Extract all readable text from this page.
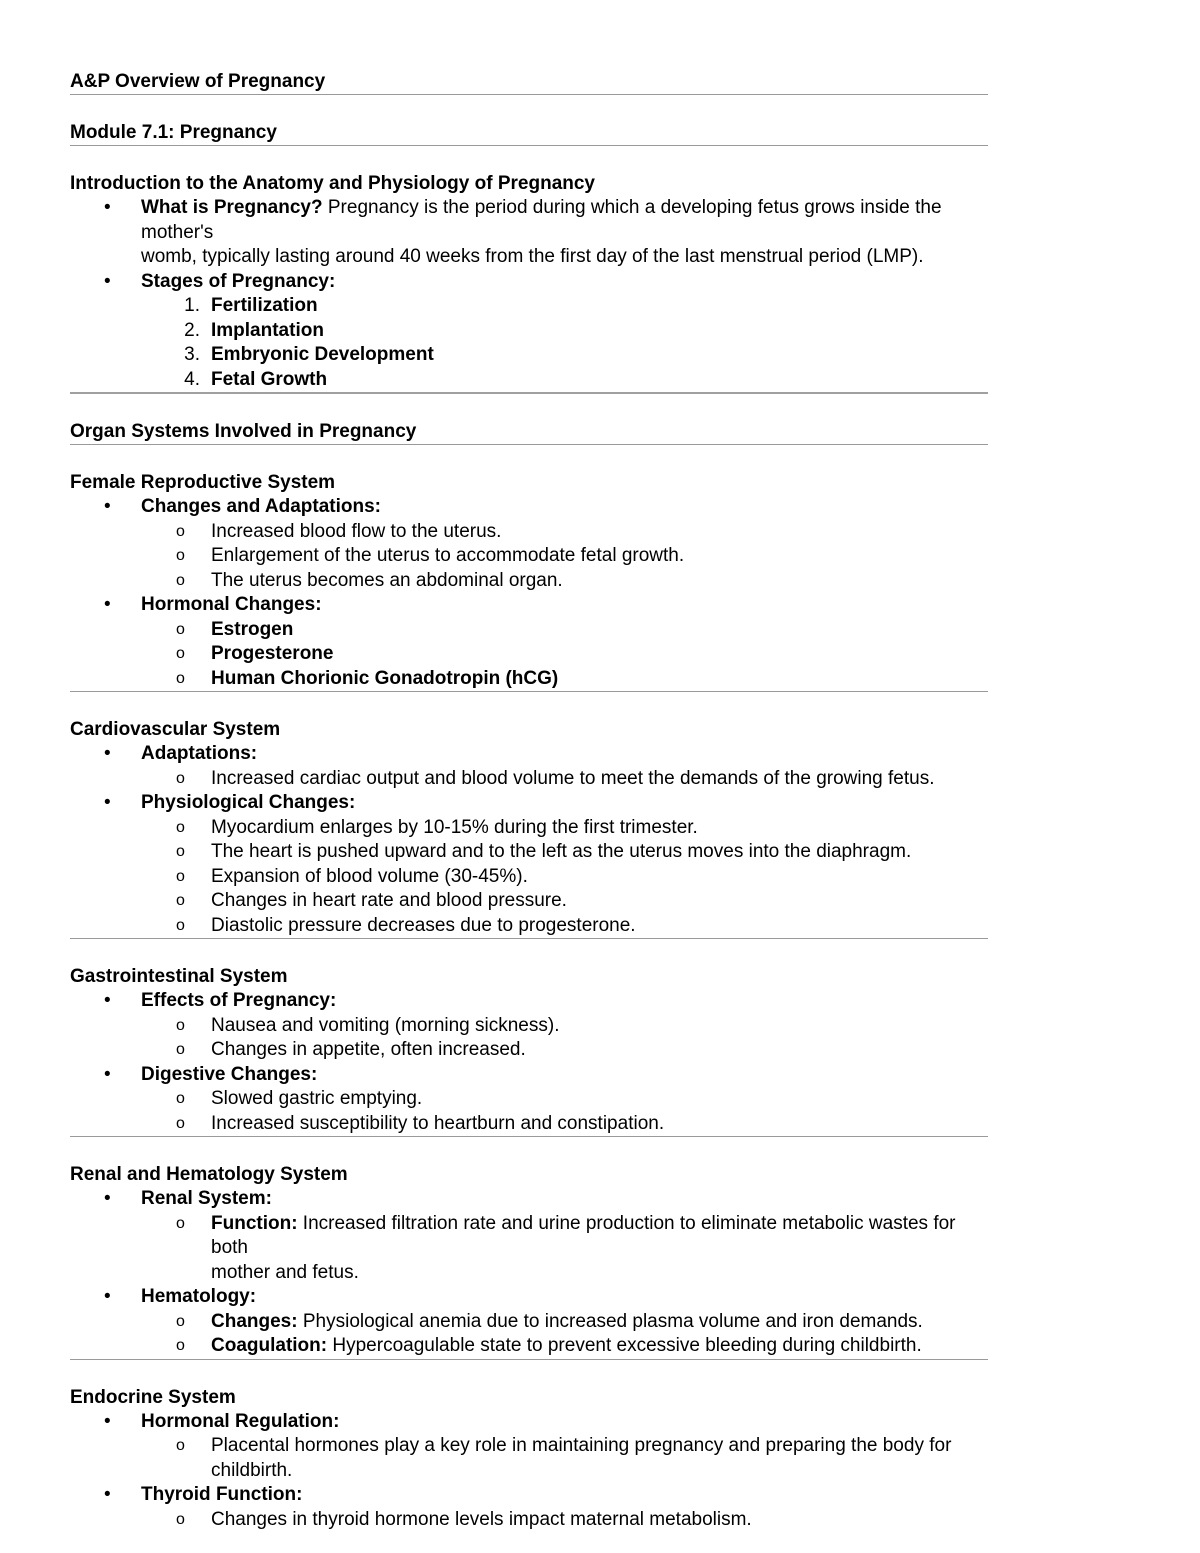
A&P Overview of Pregnancy
Module 7.1: Pregnancy
Introduction to the Anatomy and Physiology of Pregnancy
• What is Pregnancy? Pregnancy is the period during which a developing fetus grows inside the mother's
womb, typically lasting around 40 weeks from the first day of the last menstrual period (LMP).
• Stages of Pregnancy:
1. Fertilization
2. Implantation
3. Embryonic Development
4. Fetal Growth
Organ Systems Involved in Pregnancy
Female Reproductive System
• Changes and Adaptations:
o Increased blood flow to the uterus.
o Enlargement of the uterus to accommodate fetal growth.
o The uterus becomes an abdominal organ.
• Hormonal Changes:
o Estrogen
o Progesterone
o Human Chorionic Gonadotropin (hCG)
Cardiovascular System
• Adaptations:
o Increased cardiac output and blood volume to meet the demands of the growing fetus.
• Physiological Changes:
o Myocardium enlarges by 10-15% during the first trimester.
o The heart is pushed upward and to the left as the uterus moves into the diaphragm.
o Expansion of blood volume (30-45%).
o Changes in heart rate and blood pressure.
o Diastolic pressure decreases due to progesterone.
Gastrointestinal System
• Effects of Pregnancy:
o Nausea and vomiting (morning sickness).
o Changes in appetite, often increased.
• Digestive Changes:
o Slowed gastric emptying.
o Increased susceptibility to heartburn and constipation.
Renal and Hematology System
• Renal System:
o Function: Increased filtration rate and urine production to eliminate metabolic wastes for both
mother and fetus.
• Hematology:
o Changes: Physiological anemia due to increased plasma volume and iron demands.
o Coagulation: Hypercoagulable state to prevent excessive bleeding during childbirth.
Endocrine System
• Hormonal Regulation:
o Placental hormones play a key role in maintaining pregnancy and preparing the body for childbirth.
• Thyroid Function:
o Changes in thyroid hormone levels impact maternal metabolism.
